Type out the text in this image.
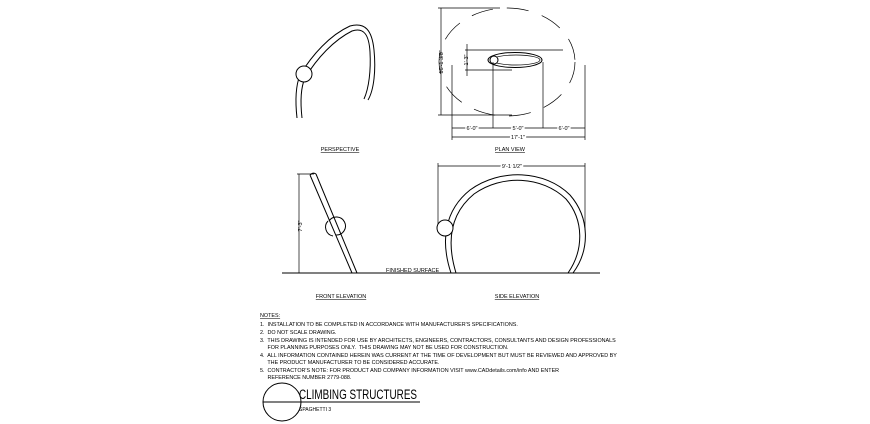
PERSPECTIVE
16'-1 3/8"	1'-3"
6'-0"	5'-0"	6'-0"
17'-1"
PLAN VIEW
7'-3"
FINISHED SURFACE
FRONT ELEVATION
9'-1 1/2"
SIDE ELEVATION
NOTES:
1.  INSTALLATION TO BE COMPLETED IN ACCORDANCE WITH MANUFACTURER'S SPECIFICATIONS.
2.  DO NOT SCALE DRAWING.
3.  THIS DRAWING IS INTENDED FOR USE BY ARCHITECTS, ENGINEERS, CONTRACTORS, CONSULTANTS AND DESIGN PROFESSIONALS
FOR PLANNING PURPOSES ONLY.  THIS DRAWING MAY NOT BE USED FOR CONSTRUCTION.
4.  ALL INFORMATION CONTAINED HEREIN WAS CURRENT AT THE TIME OF DEVELOPMENT BUT MUST BE REVIEWED AND APPROVED BY
THE PRODUCT MANUFACTURER TO BE CONSIDERED ACCURATE.
5.  CONTRACTOR'S NOTE: FOR PRODUCT AND COMPANY INFORMATION VISIT www.CADdetails.com/info AND ENTER
REFERENCE NUMBER 2779-088.
CLIMBING STRUCTURES
SPAGHETTI 3
